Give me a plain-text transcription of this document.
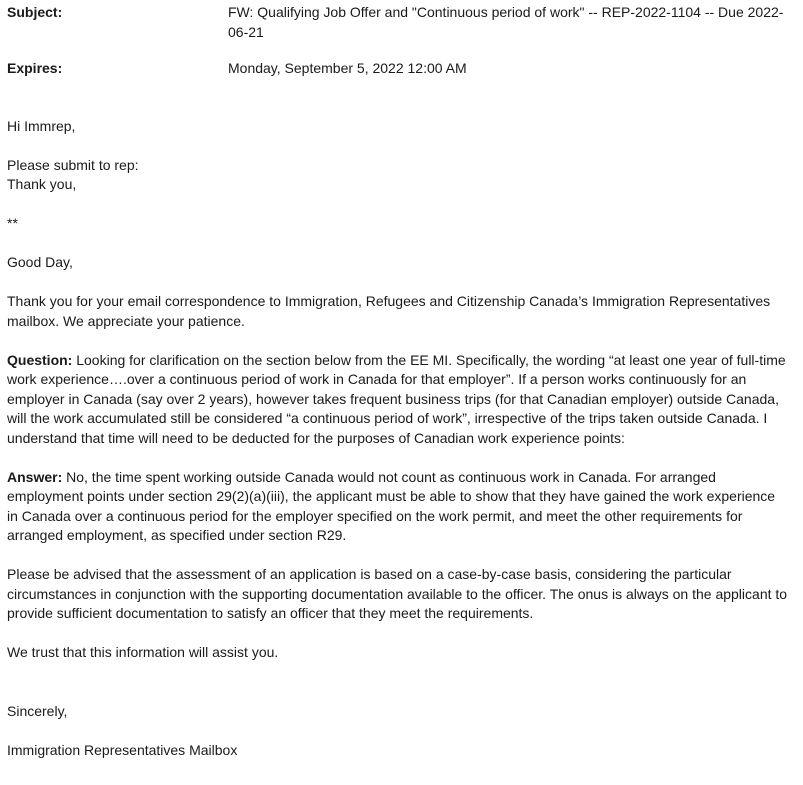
Subject:	FW: Qualifying Job Offer and "Continuous period of work" -- REP-2022-1104 -- Due 2022-06-21
Expires:	Monday, September 5, 2022 12:00 AM

Hi Immrep,

Please submit to rep:

Thank you,

**

Good Day,

Thank you for your email correspondence to Immigration, Refugees and Citizenship Canada’s Immigration Representatives mailbox. We appreciate your patience.

Question: Looking for clarification on the section below from the EE MI. Specifically, the wording “at least one year of full-time work experience….over a continuous period of work in Canada for that employer”. If a person works continuously for an employer in Canada (say over 2 years), however takes frequent business trips (for that Canadian employer) outside Canada, will the work accumulated still be considered “a continuous period of work”, irrespective of the trips taken outside Canada. I understand that time will need to be deducted for the purposes of Canadian work experience points:

Answer: No, the time spent working outside Canada would not count as continuous work in Canada. For arranged employment points under section 29(2)(a)(iii), the applicant must be able to show that they have gained the work experience in Canada over a continuous period for the employer specified on the work permit, and meet the other requirements for arranged employment, as specified under section R29.

Please be advised that the assessment of an application is based on a case-by-case basis, considering the particular circumstances in conjunction with the supporting documentation available to the officer. The onus is always on the applicant to provide sufficient documentation to satisfy an officer that they meet the requirements.

We trust that this information will assist you.

Sincerely,

Immigration Representatives Mailbox
